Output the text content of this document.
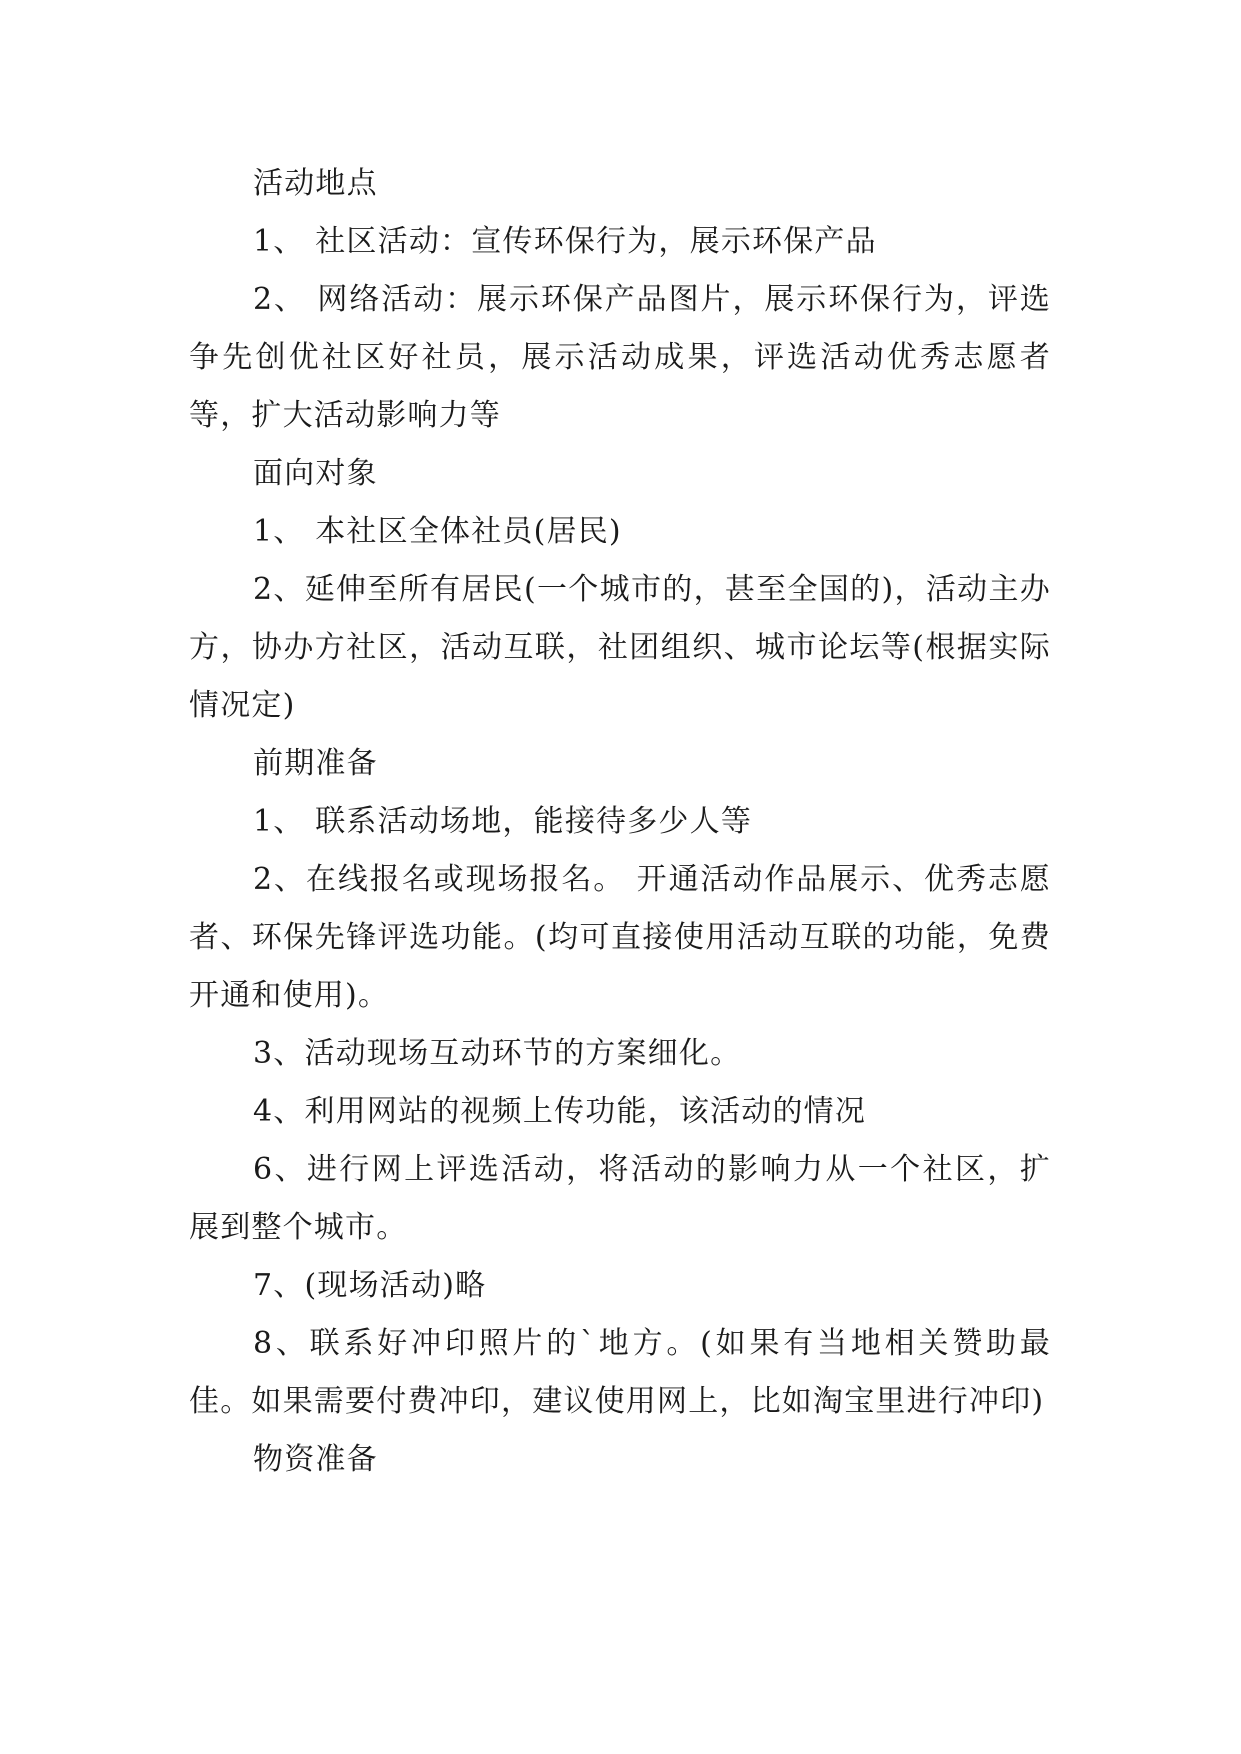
活动地点

1、 社区活动：宣传环保行为，展示环保产品

2、 网络活动：展示环保产品图片，展示环保行为，评选争先创优社区好社员，展示活动成果，评选活动优秀志愿者等，扩大活动影响力等

面向对象

1、 本社区全体社员(居民)

2、延伸至所有居民(一个城市的，甚至全国的)，活动主办方，协办方社区，活动互联，社团组织、城市论坛等(根据实际情况定)

前期准备

1、 联系活动场地，能接待多少人等

2、在线报名或现场报名。 开通活动作品展示、优秀志愿者、环保先锋评选功能。(均可直接使用活动互联的功能，免费开通和使用)。

3、活动现场互动环节的方案细化。

4、利用网站的视频上传功能，该活动的情况

6、进行网上评选活动，将活动的影响力从一个社区，扩展到整个城市。

7、(现场活动)略

8、联系好冲印照片的`地方。(如果有当地相关赞助最佳。如果需要付费冲印，建议使用网上，比如淘宝里进行冲印)

物资准备
